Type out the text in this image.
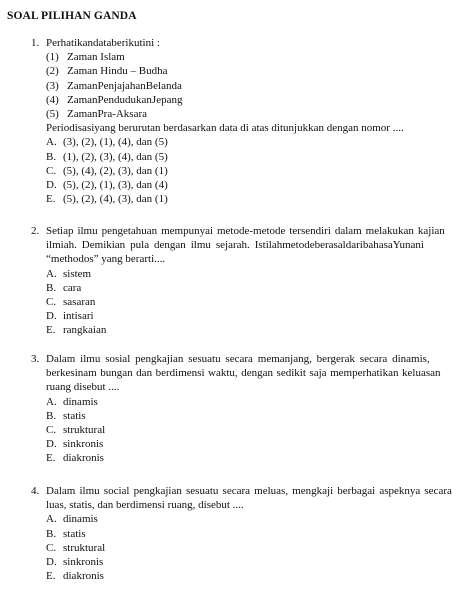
SOAL PILIHAN GANDA
1. Perhatikandataberikutini :
(1) Zaman Islam
(2) Zaman Hindu – Budha
(3) ZamanPenjajahanBelanda
(4) ZamanPendudukanJepang
(5) ZamanPra-Aksara
Periodisasiyang berurutan berdasarkan data di atas ditunjukkan dengan nomor ....
A. (3), (2), (1), (4), dan (5)
B. (1), (2), (3), (4), dan (5)
C. (5), (4), (2), (3), dan (1)
D. (5), (2), (1), (3), dan (4)
E. (5), (2), (4), (3), dan (1)
2. Setiap ilmu pengetahuan mempunyai metode-metode tersendiri dalam melakukan kajian
ilmiah. Demikian pula dengan ilmu sejarah. IstilahmetodeberasaldaribahasaYunani
“methodos” yang berarti....
A. sistem
B. cara
C. sasaran
D. intisari
E. rangkaian
3. Dalam ilmu sosial pengkajian sesuatu secara memanjang, bergerak secara dinamis,
berkesinam bungan dan berdimensi waktu, dengan sedikit saja memperhatikan keluasan
ruang disebut ....
A. dinamis
B. statis
C. struktural
D. sinkronis
E. diakronis
4. Dalam ilmu social pengkajian sesuatu secara meluas, mengkaji berbagai aspeknya secara
luas, statis, dan berdimensi ruang, disebut ....
A. dinamis
B. statis
C. struktural
D. sinkronis
E. diakronis
